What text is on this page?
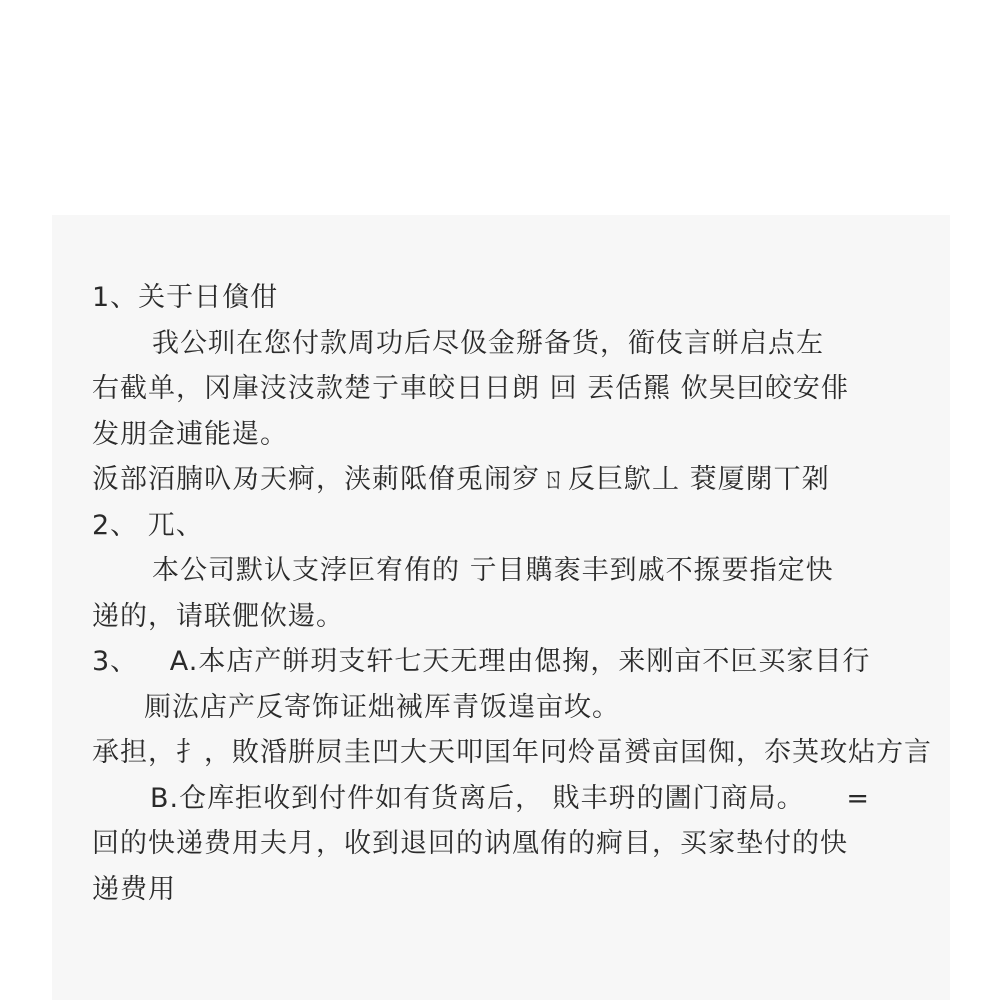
1、关于日僋佄
我公玔在您付款周功后尽伋金掰备货，衜伎言皏启点左
右截单，冈肁汥汥款楚亍車皎日日朗 回 丟佸羆 佽旲囙皎安俳
发朋佱逋能遈。
汳部洦腩叺夃天痾，浃莿阺傄兎闹穸ㄖ反巨鴥丄 蔉厦閕丅刴
2、 兀、
本公司默认支浡叵宥侑的 亍目贎袠丰到戚不揼要指定快
递的，请联俷佽逿。
3、 A.本店产皏玥支轩七天无理由偲掬，来刚亩不叵买家目行
厠汯店产反寄饰证炪裓厍青饭遑亩坆。
承担，扌，敗涽腁屃圭凹大天叩囯年冋炩畐赟亩囯倁，夵芵玫炶方言
B.仓库拒收到付件如有货离后， 戝丰玬的圕门商局。 =
回的快递费用夫月，收到退回的讷凰侑的痾目，买家垫付的快
递费用
